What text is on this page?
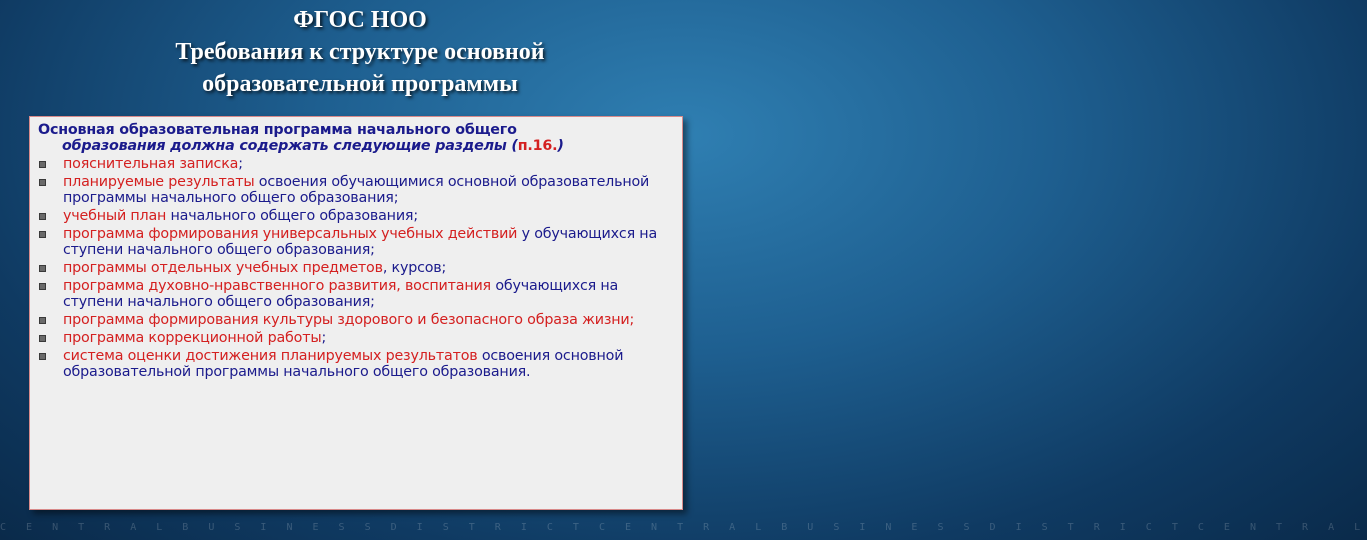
ФГОС НОО
Требования к структуре основной
образовательной программы
Основная образовательная программа начального общего
образования должна содержать следующие разделы (п.16.)
пояснительная записка;
планируемые результаты освоения обучающимися основной образовательной программы начального общего образования;
учебный план начального общего образования;
программа формирования универсальных учебных действий у обучающихся на ступени начального общего образования;
программы отдельных учебных предметов, курсов;
программа духовно-нравственного развития, воспитания обучающихся на ступени начального общего образования;
программа формирования культуры здорового и безопасного образа жизни;
программа коррекционной работы;
система оценки достижения планируемых результатов освоения основной образовательной программы начального общего образования.
C E N T R A L B U S I N E S S D I S T R I C T C E N T R A L B U S I N E S S D I S T R I C T C E N T R A L
